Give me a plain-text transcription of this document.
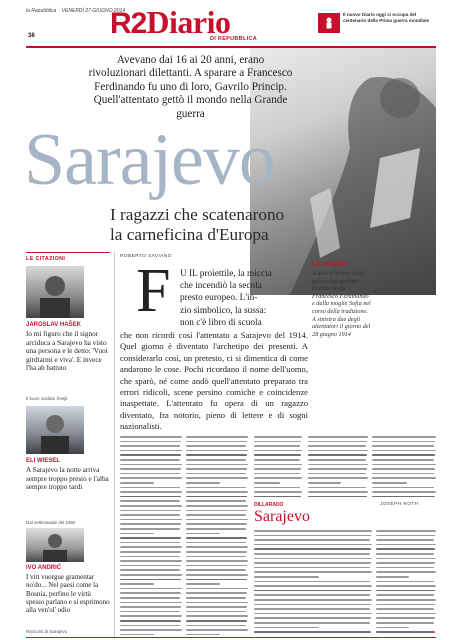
la Repubblica VENERDÌ 27 GIUGNO 2014
38	R2Diario
DI REPUBBLICA
Il nuovo Diario oggi si occupa del centenario della Prima guerra mondiale
Avevano dai 16 ai 20 anni, erano rivoluzionari dilettanti. A sparare a Francesco Ferdinando fu uno di loro, Gavrilo Princip. Quell'attentato gettò il mondo nella Grande guerra
Sarajevo
I ragazzi che scatenarono
la carneficina d'Europa
LE CITAZIONI
JAROSLAV HAŠEK
Io mi figuro che il signor arciduca a Sarajevo ha visto una persona e le detto: 'Vuoi girdtarmi e viva'. E invece l'ha ab battuto
Il buon soldato Švejk
ELI WIESEL
A Sarajevo la notte arriva sempre troppo presto e l'alba sempre troppo tardi
Dal settimanale del 1992
IVO ANDRIĆ
I vitt vuorgue gramentar no'do... Nel paesi come la Bosnia, perfino le virtù spesso parlano e si esprimono alla ven'ol' odio
Racconti di Sarajevo
ROBERTO SAVIANO
F U IL proiettile, la miccia
che incendiò la secola
presto europeo. L'in-
zio simbolico, la sussa:
non c'è libro di scuola
che non ricordi così l'attentato a Sarajevo del 1914. Quel giorno è diventato l'archetipo dei presenti. A considerarlo così, un pretesto, ci si dimentica di come andarono le cose. Pochi ricordano il nome dell'uomo, che sparò, né come andò quell'attentato preparato tra errori ridicoli, scene persino comiche e coincidenze inaspettate. L'attentato fu opera di un ragazzo diventato, fra notorio, pieno di lettere e di sogni nazionalisti.
LA GUERRA
A destra la foto della guerra fotografata tradizione da Francesco Ferdinando e dalla moglie Sofia nel corso della tradizione. A sinistra due degli attentatori il giorno del 28 giugno 1914
DILLARADO	JOSEPH ROTH
Sarajevo
